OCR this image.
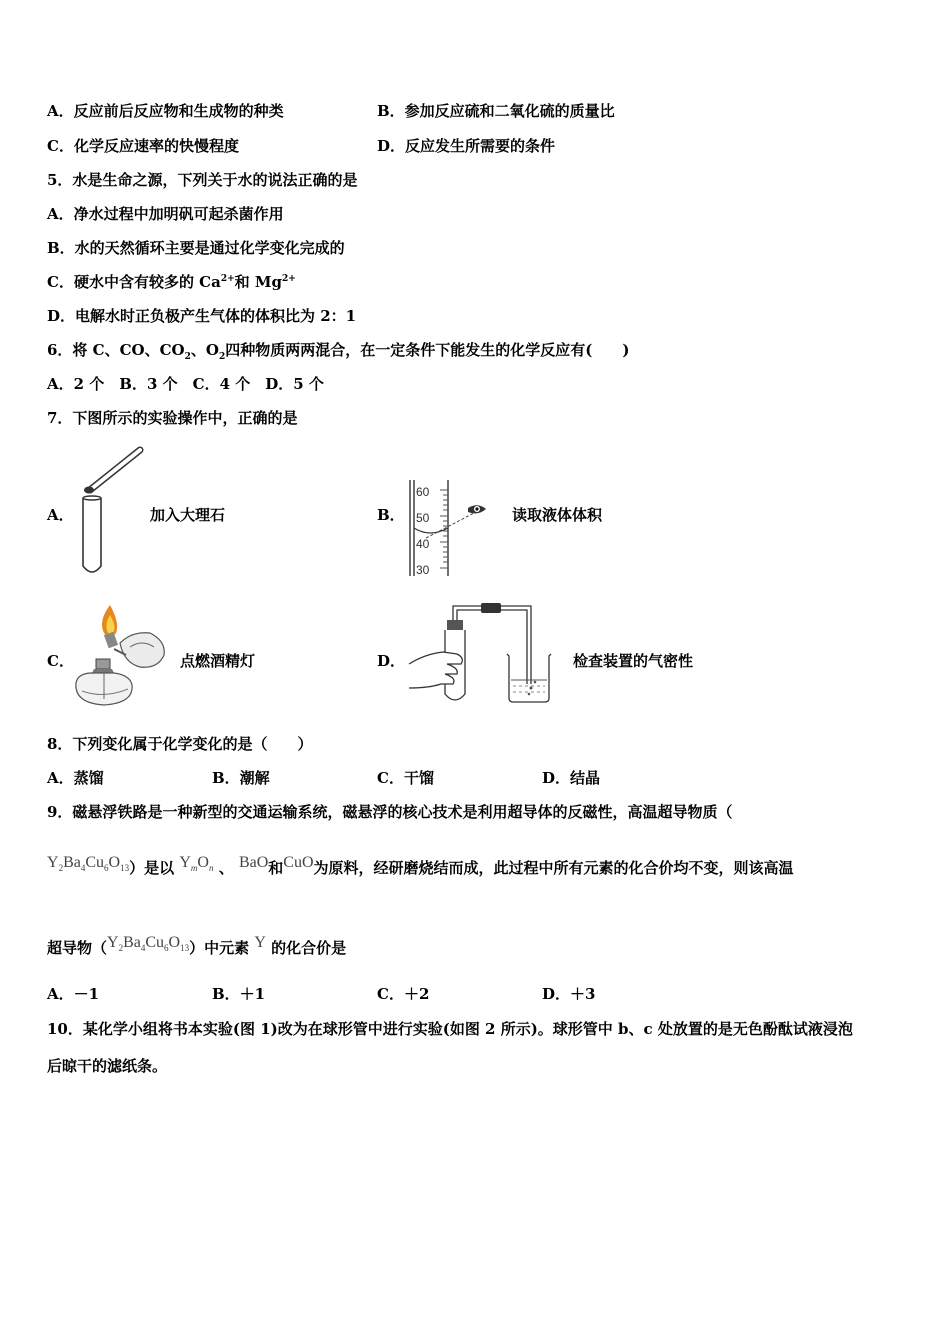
A．反应前后反应物和生成物的种类	B．参加反应硫和二氧化硫的质量比
C．化学反应速率的快慢程度	D．反应发生所需要的条件
5．水是生命之源，下列关于水的说法正确的是
A．净水过程中加明矾可起杀菌作用
B．水的天然循环主要是通过化学变化完成的
C．硬水中含有较多的 $Ca^{2+}$和 $Mg^{2+}$
D．电解水时正负极产生气体的体积比为 2：1
6．将 C、CO、$CO_2$、$O_2$四种物质两两混合，在一定条件下能发生的化学反应有(　　)
A．2 个　B．3 个　C．4 个　D．5 个
7．下图所示的实验操作中，正确的是
A．	加入大理石	B．
60
50
40
30
读取液体体积
C．	点燃酒精灯	D．	检查装置的气密性
8．下列变化属于化学变化的是（　　）
A．蒸馏	B．潮解	C．干馏	D．结晶
9．磁悬浮铁路是一种新型的交通运输系统，磁悬浮的核心技术是利用超导体的反磁性，高温超导物质（
$Y_2Ba_4Cu_6O_{13}$）是以 $Y_mO_n$ 、 BaO和CuO为原料，经研磨烧结而成，此过程中所有元素的化合价均不变，则该高温
超导物$(Y_2Ba_4Cu_6O_{13})$中元素 Y 的化合价是
A．－1	B．＋1	C．＋2	D．＋3
10．某化学小组将书本实验(图 1)改为在球形管中进行实验(如图 2 所示)。球形管中 b、c 处放置的是无色酚酞试液浸泡
后晾干的滤纸条。
